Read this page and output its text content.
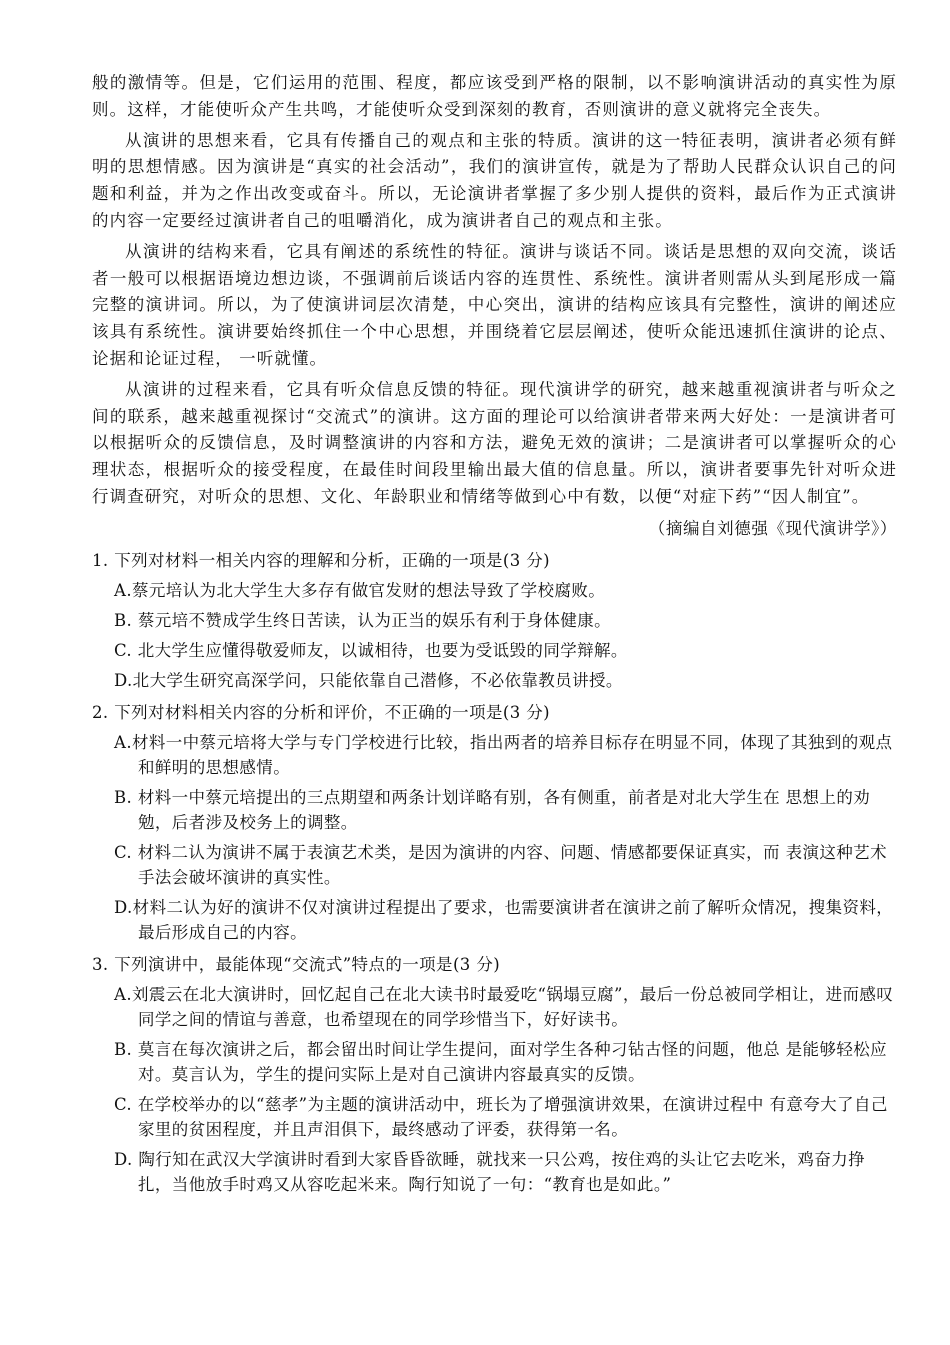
般的激情等。但是，它们运用的范围、程度，都应该受到严格的限制，以不影响演讲活动的真实性为原则。这样，才能使听众产生共鸣，才能使听众受到深刻的教育，否则演讲的意义就将完全丧失。

从演讲的思想来看，它具有传播自己的观点和主张的特质。演讲的这一特征表明，演讲者必须有鲜明的思想情感。因为演讲是“真实的社会活动”，我们的演讲宣传，就是为了帮助人民群众认识自己的问题和利益，并为之作出改变或奋斗。所以，无论演讲者掌握了多少别人提供的资料，最后作为正式演讲的内容一定要经过演讲者自己的咀嚼消化，成为演讲者自己的观点和主张。

从演讲的结构来看，它具有阐述的系统性的特征。演讲与谈话不同。谈话是思想的双向交流，谈话者一般可以根据语境边想边谈，不强调前后谈话内容的连贯性、系统性。演讲者则需从头到尾形成一篇完整的演讲词。所以，为了使演讲词层次清楚，中心突出，演讲的结构应该具有完整性，演讲的阐述应该具有系统性。演讲要始终抓住一个中心思想，并围绕着它层层阐述，使听众能迅速抓住演讲的论点、论据和论证过程， 一听就懂。

从演讲的过程来看，它具有听众信息反馈的特征。现代演讲学的研究，越来越重视演讲者与听众之间的联系，越来越重视探讨“交流式”的演讲。这方面的理论可以给演讲者带来两大好处：一是演讲者可以根据听众的反馈信息，及时调整演讲的内容和方法，避免无效的演讲；二是演讲者可以掌握听众的心理状态，根据听众的接受程度，在最佳时间段里输出最大值的信息量。所以，演讲者要事先针对听众进行调查研究，对听众的思想、文化、年龄职业和情绪等做到心中有数，以便“对症下药”“因人制宜”。

（摘编自刘德强《现代演讲学》）

1. 下列对材料一相关内容的理解和分析，正确的一项是(3 分)

A.蔡元培认为北大学生大多存有做官发财的想法导致了学校腐败。
B. 蔡元培不赞成学生终日苦读，认为正当的娱乐有利于身体健康。
C. 北大学生应懂得敬爱师友，以诚相待，也要为受诋毁的同学辩解。
D.北大学生研究高深学问，只能依靠自己潜修，不必依靠教员讲授。

2. 下列对材料相关内容的分析和评价，不正确的一项是(3 分)

A.材料一中蔡元培将大学与专门学校进行比较，指出两者的培养目标存在明显不同，体现了其独到的观点和鲜明的思想感情。
B. 材料一中蔡元培提出的三点期望和两条计划详略有别，各有侧重，前者是对北大学生在 思想上的劝勉，后者涉及校务上的调整。
C. 材料二认为演讲不属于表演艺术类，是因为演讲的内容、问题、情感都要保证真实，而 表演这种艺术手法会破坏演讲的真实性。
D.材料二认为好的演讲不仅对演讲过程提出了要求，也需要演讲者在演讲之前了解听众情况，搜集资料，最后形成自己的内容。

3. 下列演讲中，最能体现“交流式”特点的一项是(3 分)

A.刘震云在北大演讲时，回忆起自己在北大读书时最爱吃“锅塌豆腐”，最后一份总被同学相让，进而感叹同学之间的情谊与善意，也希望现在的同学珍惜当下，好好读书。
B. 莫言在每次演讲之后，都会留出时间让学生提问，面对学生各种刁钻古怪的问题，他总 是能够轻松应对。莫言认为，学生的提问实际上是对自己演讲内容最真实的反馈。
C. 在学校举办的以“慈孝”为主题的演讲活动中，班长为了增强演讲效果，在演讲过程中 有意夸大了自己家里的贫困程度，并且声泪俱下，最终感动了评委，获得第一名。
D. 陶行知在武汉大学演讲时看到大家昏昏欲睡，就找来一只公鸡，按住鸡的头让它去吃米，鸡奋力挣扎，当他放手时鸡又从容吃起米来。陶行知说了一句：“教育也是如此。”
